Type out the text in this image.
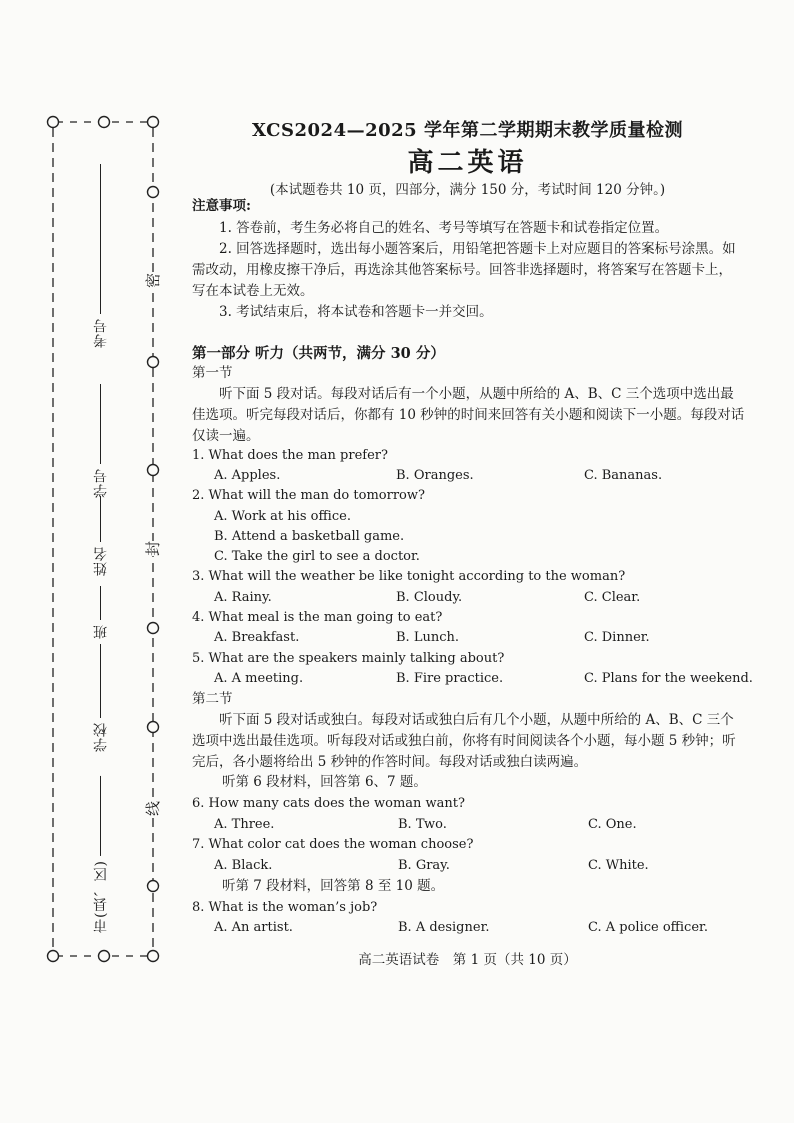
密
封
线
考号
学号
姓名
班
学校
市(县、区)
XCS2024—2025 学年第二学期期末教学质量检测
高二英语
(本试题卷共 10 页，四部分，满分 150 分，考试时间 120 分钟。)
注意事项:
1. 答卷前，考生务必将自己的姓名、考号等填写在答题卡和试卷指定位置。
2. 回答选择题时，选出每小题答案后，用铅笔把答题卡上对应题目的答案标号涂黑。如需改动，用橡皮擦干净后，再选涂其他答案标号。回答非选择题时，将答案写在答题卡上，写在本试卷上无效。
3. 考试结束后，将本试卷和答题卡一并交回。
第一部分 听力（共两节，满分 30 分）
第一节
听下面 5 段对话。每段对话后有一个小题，从题中所给的 A、B、C 三个选项中选出最佳选项。听完每段对话后，你都有 10 秒钟的时间来回答有关小题和阅读下一小题。每段对话仅读一遍。
1. What does the man prefer?
A. Apples.	B. Oranges.	C. Bananas.
2. What will the man do tomorrow?
A. Work at his office.
B. Attend a basketball game.
C. Take the girl to see a doctor.
3. What will the weather be like tonight according to the woman?
A. Rainy.	B. Cloudy.	C. Clear.
4. What meal is the man going to eat?
A. Breakfast.	B. Lunch.	C. Dinner.
5. What are the speakers mainly talking about?
A. A meeting.	B. Fire practice.	C. Plans for the weekend.
第二节
听下面 5 段对话或独白。每段对话或独白后有几个小题，从题中所给的 A、B、C 三个选项中选出最佳选项。听每段对话或独白前，你将有时间阅读各个小题，每小题 5 秒钟；听完后，各小题将给出 5 秒钟的作答时间。每段对话或独白读两遍。
听第 6 段材料，回答第 6、7 题。
6. How many cats does the woman want?
A. Three.	B. Two.	C. One.
7. What color cat does the woman choose?
A. Black.	B. Gray.	C. White.
听第 7 段材料，回答第 8 至 10 题。
8. What is the woman’s job?
A. An artist.	B. A designer.	C. A police officer.
高二英语试卷　第 1 页（共 10 页）
